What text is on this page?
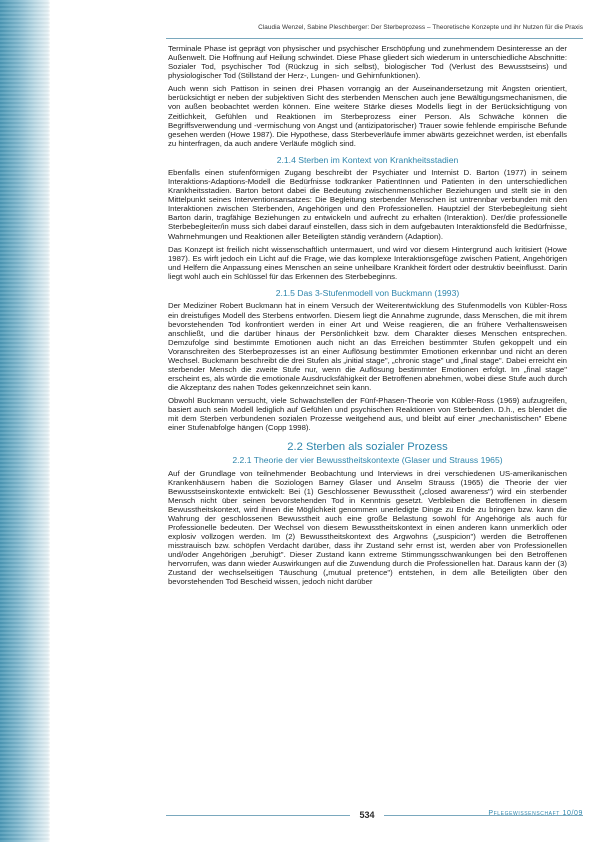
Claudia Wenzel, Sabine Pleschberger: Der Sterbeprozess – Theoretische Konzepte und ihr Nutzen für die Praxis

Terminale Phase ist geprägt von physischer und psychischer Erschöpfung und zunehmendem Desinteresse an der Außenwelt. Die Hoffnung auf Heilung schwindet. Diese Phase gliedert sich wiederum in unterschiedliche Abschnitte: Sozialer Tod, psychischer Tod (Rückzug in sich selbst), biologischer Tod (Verlust des Bewusstseins) und physiologischer Tod (Stillstand der Herz-, Lungen- und Gehirnfunktionen).

Auch wenn sich Pattison in seinen drei Phasen vorrangig an der Auseinandersetzung mit Ängsten orientiert, berücksichtigt er neben der subjektiven Sicht des sterbenden Menschen auch jene Bewältigungsmechanismen, die von außen beobachtet werden können. Eine weitere Stärke dieses Modells liegt in der Berücksichtigung von Zeitlichkeit, Gefühlen und Reaktionen im Sterbeprozess einer Person. Als Schwäche können die Begriffsverwendung und -vermischung von Angst und (antizipatorischer) Trauer sowie fehlende empirische Befunde gesehen werden (Howe 1987). Die Hypothese, dass Sterbeverläufe immer abwärts gezeichnet werden, ist ebenfalls zu hinterfragen, da auch andere Verläufe möglich sind.

2.1.4 Sterben im Kontext von Krankheitsstadien

Ebenfalls einen stufenförmigen Zugang beschreibt der Psychiater und Internist D. Barton (1977) in seinem Interaktions-Adaptions-Modell die Bedürfnisse todkranker PatientInnen und Patienten in den unterschiedlichen Krankheitsstadien. Barton betont dabei die Bedeutung zwischenmenschlicher Beziehungen und stellt sie in den Mittelpunkt seines Interventionsansatzes: Die Begleitung sterbender Menschen ist untrennbar verbunden mit den Interaktionen zwischen Sterbenden, Angehörigen und den Professionellen. Hauptziel der Sterbebegleitung sieht Barton darin, tragfähige Beziehungen zu entwickeln und aufrecht zu erhalten (Interaktion). Der/die professionelle Sterbebegleiter/in muss sich dabei darauf einstellen, dass sich in dem aufgebauten Interaktionsfeld die Bedürfnisse, Wahrnehmungen und Reaktionen aller Beteiligten ständig verändern (Adaption).

Das Konzept ist freilich nicht wissenschaftlich untermauert, und wird vor diesem Hintergrund auch kritisiert (Howe 1987). Es wirft jedoch ein Licht auf die Frage, wie das komplexe Interaktionsgefüge zwischen Patient, Angehörigen und Helfern die Anpassung eines Menschen an seine unheilbare Krankheit fördert oder destruktiv beeinflusst. Darin liegt wohl auch ein Schlüssel für das Erkennen des Sterbebeginns.

2.1.5 Das 3-Stufenmodell von Buckmann (1993)

Der Mediziner Robert Buckmann hat in einem Versuch der Weiterentwicklung des Stufenmodells von Kübler-Ross ein dreistufiges Modell des Sterbens entworfen. Diesem liegt die Annahme zugrunde, dass Menschen, die mit ihrem bevorstehenden Tod konfrontiert werden in einer Art und Weise reagieren, die an frühere Verhaltensweisen anschließt, und die darüber hinaus der Persönlichkeit bzw. dem Charakter dieses Menschen entsprechen. Demzufolge sind bestimmte Emotionen auch nicht an das Erreichen bestimmter Stufen gekoppelt und ein Voranschreiten des Sterbeprozesses ist an einer Auflösung bestimmter Emotionen erkennbar und nicht an deren Wechsel. Buckmann beschreibt die drei Stufen als „initial stage", „chronic stage" und „final stage". Dabei erreicht ein sterbender Mensch die zweite Stufe nur, wenn die Auflösung bestimmter Emotionen erfolgt. Im „final stage" erscheint es, als würde die emotionale Ausdrucksfähigkeit der Betroffenen abnehmen, wobei diese Stufe auch durch die Akzeptanz des nahen Todes gekennzeichnet sein kann.

Obwohl Buckmann versucht, viele Schwachstellen der Fünf-Phasen-Theorie von Kübler-Ross (1969) aufzugreifen, basiert auch sein Modell lediglich auf Gefühlen und psychischen Reaktionen von Sterbenden. D.h., es blendet die mit dem Sterben verbundenen sozialen Prozesse weitgehend aus, und bleibt auf einer „mechanistischen" Ebene einer Stufenabfolge hängen (Copp 1998).

2.2 Sterben als sozialer Prozess
2.2.1 Theorie der vier Bewusstheitskontexte (Glaser und Strauss 1965)

Auf der Grundlage von teilnehmender Beobachtung und Interviews in drei verschiedenen US-amerikanischen Krankenhäusern haben die Soziologen Barney Glaser und Anselm Strauss (1965) die Theorie der vier Bewusstseinskontexte entwickelt: Bei (1) Geschlossener Bewusstheit („closed awareness") wird ein sterbender Mensch nicht über seinen bevorstehenden Tod in Kenntnis gesetzt. Verbleiben die Betroffenen in diesem Bewusstheitskontext, wird ihnen die Möglichkeit genommen unerledigte Dinge zu Ende zu bringen bzw. kann die Wahrung der geschlossenen Bewusstheit auch eine große Belastung sowohl für Angehörige als auch für Professionelle bedeuten. Der Wechsel von diesem Bewusstheitskontext in einen anderen kann unmerklich oder explosiv vollzogen werden. Im (2) Bewusstheitskontext des Argwohns („suspicion") werden die Betroffenen misstrauisch bzw. schöpfen Verdacht darüber, dass ihr Zustand sehr ernst ist, werden aber von Professionellen und/oder Angehörigen „beruhigt". Dieser Zustand kann extreme Stimmungsschwankungen bei den Betroffenen hervorrufen, was dann wieder Auswirkungen auf die Zuwendung durch die Professionellen hat. Daraus kann der (3) Zustand der wechselseitigen Täuschung („mutual pretence") entstehen, in dem alle Beteiligten über den bevorstehenden Tod Bescheid wissen, jedoch nicht darüber

534	Pflegewissenschaft 10/09
